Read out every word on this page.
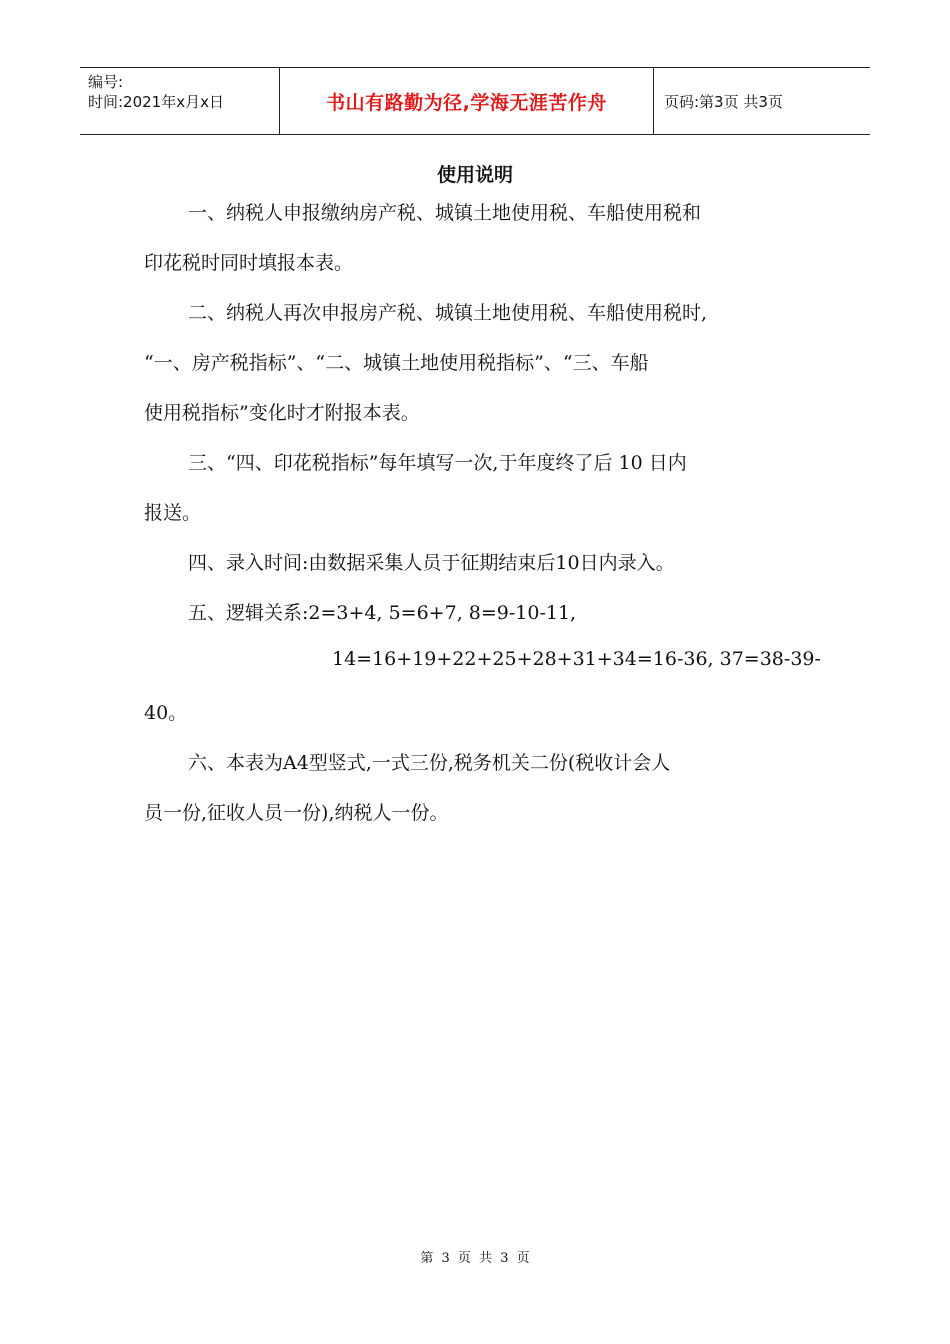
编号:
时间:2021年x月x日	书山有路勤为径,学海无涯苦作舟	页码:第3页 共3页
使用说明
一、纳税人申报缴纳房产税、城镇土地使用税、车船使用税和
印花税时同时填报本表。
二、纳税人再次申报房产税、城镇土地使用税、车船使用税时,
“一、房产税指标”、“二、城镇土地使用税指标”、“三、车船
使用税指标”变化时才附报本表。
三、“四、印花税指标”每年填写一次,于年度终了后 10 日内
报送。
四、录入时间:由数据采集人员于征期结束后10日内录入。
五、逻辑关系:2=3+4, 5=6+7, 8=9-10-11,
14=16+19+22+25+28+31+34=16-36, 37=38-39-
40。
六、本表为A4型竖式,一式三份,税务机关二份(税收计会人
员一份,征收人员一份),纳税人一份。
第 3 页 共 3 页
